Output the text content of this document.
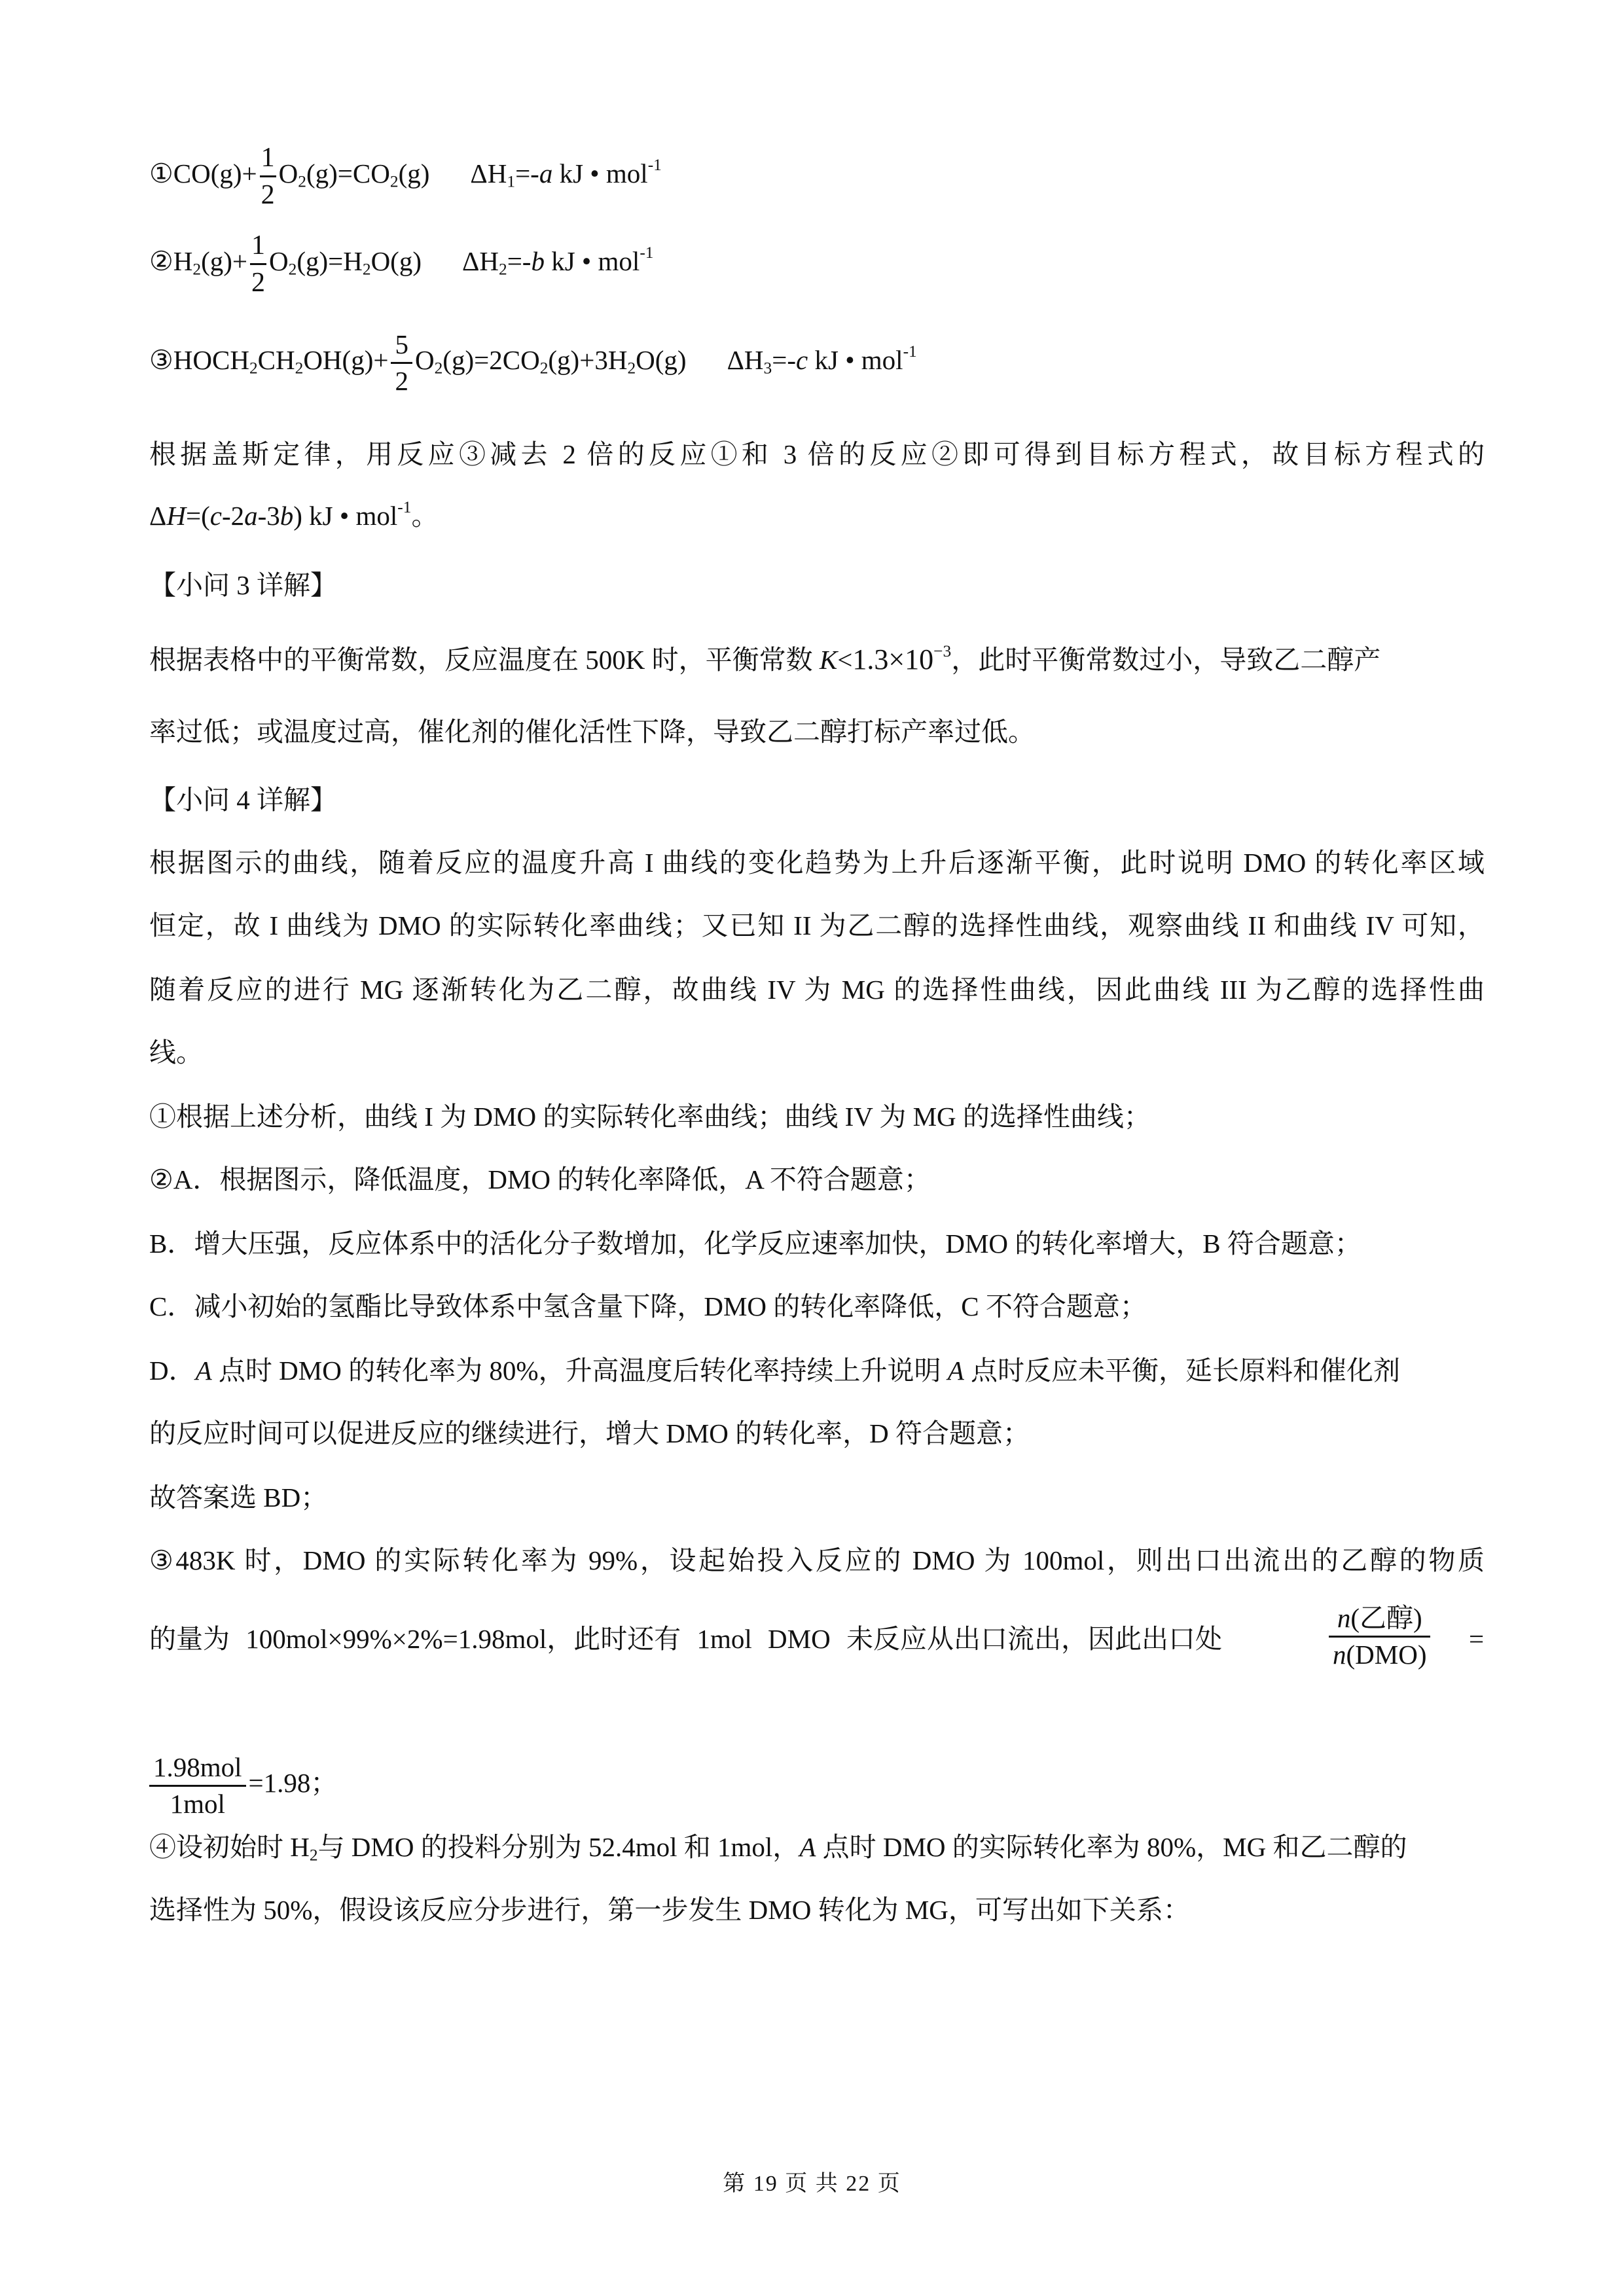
①CO(g)+ $\frac{1}{2} O_2(g)=CO_2(g)$ $\Delta H_1=-a$ kJ • mol$^{-1}$
$②H_2(g)+ \frac{1}{2} O_2(g)=H_2O(g)$ $\Delta H_2=-b$ kJ • mol$^{-1}$
$③HOCH_2CH_2OH(g)+ \frac{5}{2} O_2(g)=2CO_2(g)+3H_2O(g)$ $\Delta H_3=-c$ kJ • mol$^{-1}$
根据盖斯定律，用反应③减去 2 倍的反应①和 3 倍的反应②即可得到目标方程式，故目标方程式的
ΔH=(c-2a-3b) kJ • mol$^{-1}$。
【小问 3 详解】
根据表格中的平衡常数，反应温度在 500K 时，平衡常数 $K<1.3\times 10^{-3}$，此时平衡常数过小，导致乙二醇产
率过低；或温度过高，催化剂的催化活性下降，导致乙二醇打标产率过低。
【小问 4 详解】
根据图示的曲线，随着反应的温度升高 I 曲线的变化趋势为上升后逐渐平衡，此时说明 DMO 的转化率区域
恒定，故 I 曲线为 DMO 的实际转化率曲线；又已知 II 为乙二醇的选择性曲线，观察曲线 II 和曲线 IV 可知，
随着反应的进行 MG 逐渐转化为乙二醇，故曲线 IV 为 MG 的选择性曲线，因此曲线 III 为乙醇的选择性曲
线。
①根据上述分析，曲线 I 为 DMO 的实际转化率曲线；曲线 IV 为 MG 的选择性曲线；
②A．根据图示，降低温度，DMO 的转化率降低，A 不符合题意；
B．增大压强，反应体系中的活化分子数增加，化学反应速率加快，DMO 的转化率增大，B 符合题意；
C．减小初始的氢酯比导致体系中氢含量下降，DMO 的转化率降低，C 不符合题意；
D．A 点时 DMO 的转化率为 80%，升高温度后转化率持续上升说明 A 点时反应未平衡，延长原料和催化剂
的反应时间可以促进反应的继续进行，增大 DMO 的转化率，D 符合题意；
故答案选 BD；
③483K 时，DMO 的实际转化率为 99%，设起始投入反应的 DMO 为 100mol，则出口出流出的乙醇的物质
的量为 100mol×99%×2%=1.98mol，此时还有 1mol DMO 未反应从出口流出，因此出口处
n(乙醇)
n(DMO)
=
$\frac{\text{1.98mol}}{\text{1mol}} =1.98$；
④设初始时 $H_2$与 DMO 的投料分别为 52.4mol 和 1mol，A 点时 DMO 的实际转化率为 80%，MG 和乙二醇的
选择性为 50%，假设该反应分步进行，第一步发生 DMO 转化为 MG，可写出如下关系：
第 19 页 共 22 页
